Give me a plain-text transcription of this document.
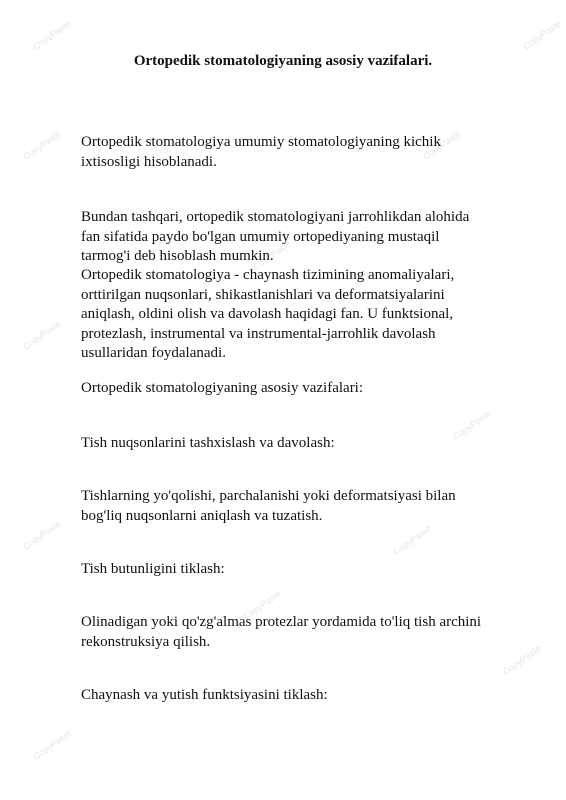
CopyPaste	CopyPaste
CopyPaste	CopyPaste
CopyPaste
CopyPaste
CopyPaste
CopyPaste	CopyPaste
CopyPaste
CopyPaste
CopyPaste
Ortopedik stomatologiyaning asosiy vazifalari.

Ortopedik stomatologiya umumiy stomatologiyaning kichik ixtisosligi hisoblanadi.

Bundan tashqari, ortopedik stomatologiyani jarrohlikdan alohida fan sifatida paydo bo'lgan umumiy ortopediyaning mustaqil tarmog'i deb hisoblash mumkin.

Ortopedik stomatologiya - chaynash tizimining anomaliyalari, orttirilgan nuqsonlari, shikastlanishlari va deformatsiyalarini aniqlash, oldini olish va davolash haqidagi fan. U funktsional, protezlash, instrumental va instrumental-jarrohlik davolash usullaridan foydalanadi.

Ortopedik stomatologiyaning asosiy vazifalari:

Tish nuqsonlarini tashxislash va davolash:

Tishlarning yo'qolishi, parchalanishi yoki deformatsiyasi bilan bog'liq nuqsonlarni aniqlash va tuzatish.

Tish butunligini tiklash:

Olinadigan yoki qo'zg'almas protezlar yordamida to'liq tish archini rekonstruksiya qilish.

Chaynash va yutish funktsiyasini tiklash:
